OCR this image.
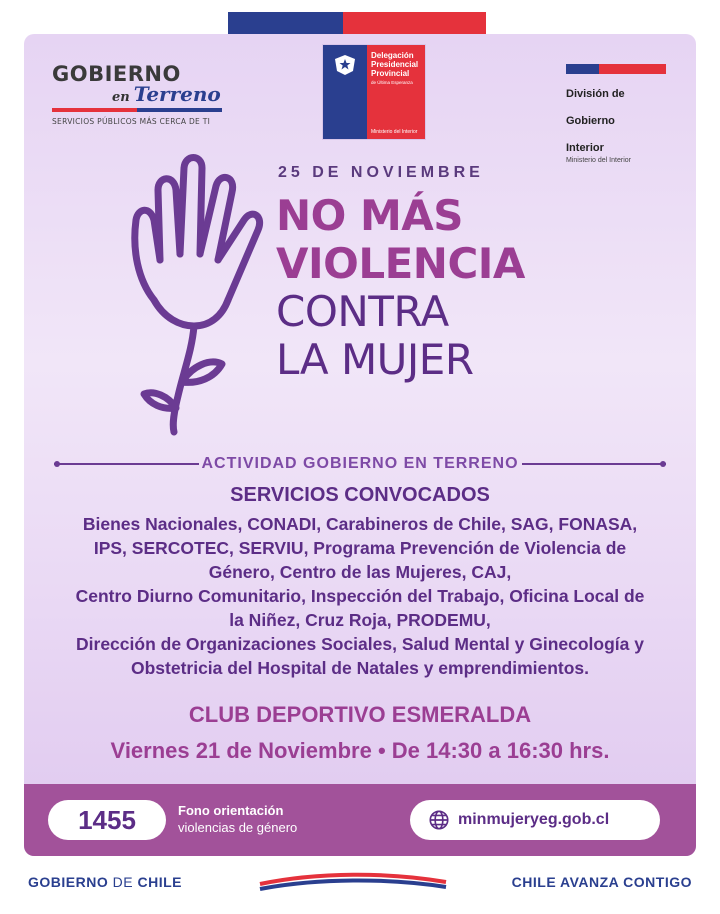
GOBIERNO
en Terreno
SERVICIOS PÚBLICOS MÁS CERCA DE TI
Delegación
Presidencial
Provincial
de Última Esperanza
Ministerio del Interior
División de
Gobierno
Interior
Ministerio del Interior
25 DE NOVIEMBRE
NO MÁS
VIOLENCIA
CONTRA
LA MUJER
ACTIVIDAD GOBIERNO EN TERRENO
SERVICIOS CONVOCADOS
Bienes Nacionales, CONADI, Carabineros de Chile, SAG, FONASA,
IPS, SERCOTEC, SERVIU, Programa Prevención de Violencia de
Género, Centro de las Mujeres, CAJ,
Centro Diurno Comunitario, Inspección del Trabajo, Oficina Local de
la Niñez, Cruz Roja, PRODEMU,
Dirección de Organizaciones Sociales, Salud Mental y Ginecología y
Obstetricia del Hospital de Natales y emprendimientos.
CLUB DEPORTIVO ESMERALDA
Viernes 21 de Noviembre • De 14:30 a 16:30 hrs.
1455	Fono orientación
violencias de género	minmujeryeg.gob.cl
GOBIERNO DE CHILE	CHILE AVANZA CONTIGO
